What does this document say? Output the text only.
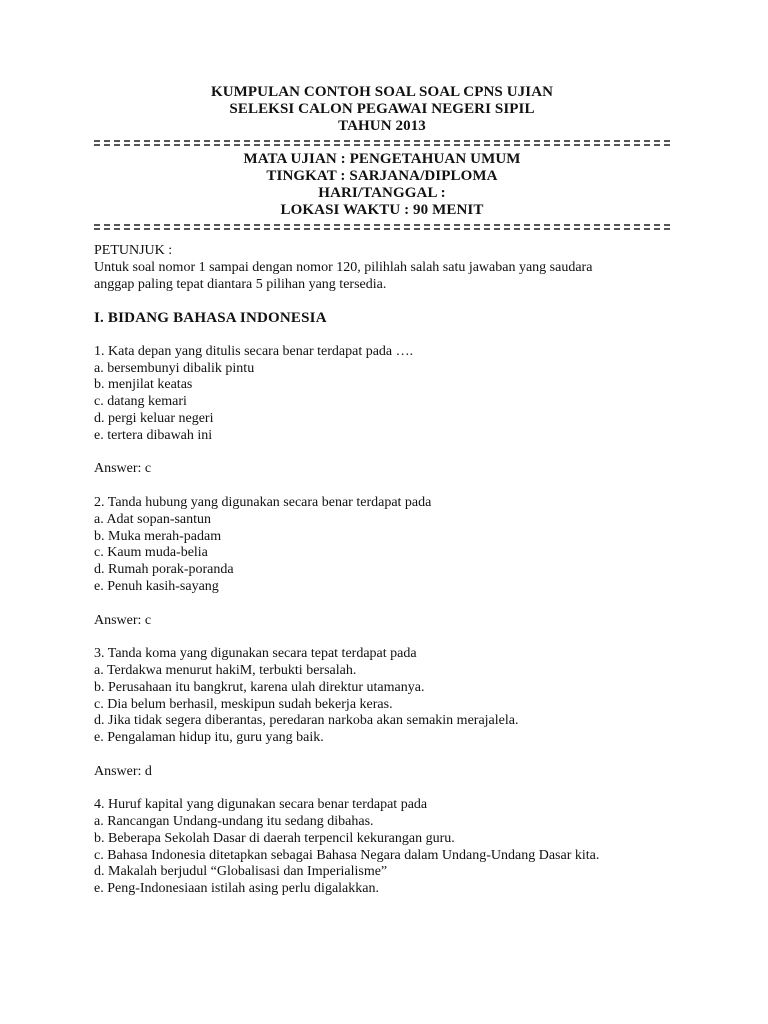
KUMPULAN CONTOH SOAL SOAL CPNS UJIAN
SELEKSI CALON PEGAWAI NEGERI SIPIL
TAHUN 2013
MATA UJIAN : PENGETAHUAN UMUM
TINGKAT : SARJANA/DIPLOMA
HARI/TANGGAL :
LOKASI WAKTU : 90 MENIT
PETUNJUK :
Untuk soal nomor 1 sampai dengan nomor 120, pilihlah salah satu jawaban yang saudara
anggap paling tepat diantara 5 pilihan yang tersedia.
I. BIDANG BAHASA INDONESIA
1. Kata depan yang ditulis secara benar terdapat pada ….
a. bersembunyi dibalik pintu
b. menjilat keatas
c. datang kemari
d. pergi keluar negeri
e. tertera dibawah ini
Answer: c
2. Tanda hubung yang digunakan secara benar terdapat pada
a. Adat sopan-santun
b. Muka merah-padam
c. Kaum muda-belia
d. Rumah porak-poranda
e. Penuh kasih-sayang
Answer: c
3. Tanda koma yang digunakan secara tepat terdapat pada
a. Terdakwa menurut hakiM, terbukti bersalah.
b. Perusahaan itu bangkrut, karena ulah direktur utamanya.
c. Dia belum berhasil, meskipun sudah bekerja keras.
d. Jika tidak segera diberantas, peredaran narkoba akan semakin merajalela.
e. Pengalaman hidup itu, guru yang baik.
Answer: d
4. Huruf kapital yang digunakan secara benar terdapat pada
a. Rancangan Undang-undang itu sedang dibahas.
b. Beberapa Sekolah Dasar di daerah terpencil kekurangan guru.
c. Bahasa Indonesia ditetapkan sebagai Bahasa Negara dalam Undang-Undang Dasar kita.
d. Makalah berjudul “Globalisasi dan Imperialisme”
e. Peng-Indonesiaan istilah asing perlu digalakkan.
